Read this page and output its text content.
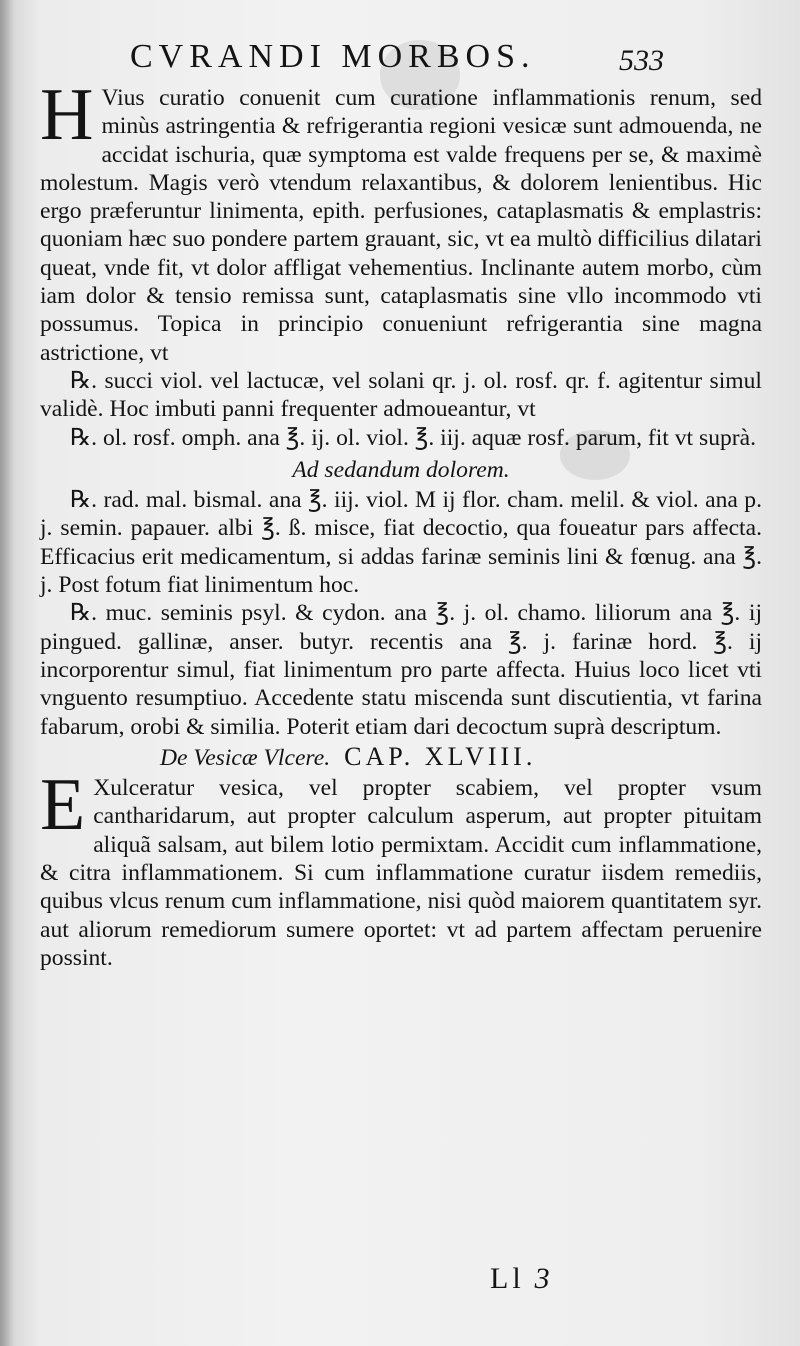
CVRANDI MORBOS.	533

H Vius curatio conuenit cum curatione inflammationis renum, sed minùs astringentia & refrigerantia regioni vesicæ sunt admouenda, ne accidat ischuria, quæ symptoma est valde frequens per se, & maximè molestum. Magis verò vtendum relaxantibus, & dolorem lenientibus. Hic ergo præferuntur linimenta, epith. perfusiones, cataplasmatis & emplastris: quoniam hæc suo pondere partem grauant, sic, vt ea multò difficilius dilatari queat, vnde fit, vt dolor affligat vehementius. Inclinante autem morbo, cùm iam dolor & tensio remissa sunt, cataplasmatis sine vllo incommodo vti possumus. Topica in principio conueniunt refrigerantia sine magna astrictione, vt

℞. succi viol. vel lactucæ, vel solani qr. j. ol. rosf. qr. f. agitentur simul validè. Hoc imbuti panni frequenter admoueantur, vt

℞. ol. rosf. omph. ana ℥. ij. ol. viol. ℥. iij. aquæ rosf. parum, fit vt suprà.

Ad sedandum dolorem.

℞. rad. mal. bismal. ana ℥. iij. viol. M ij flor. cham. melil. & viol. ana p. j. semin. papauer. albi ℥. ß. misce, fiat decoctio, qua foueatur pars affecta. Efficacius erit medicamentum, si addas farinæ seminis lini & fœnug. ana ℥. j. Post fotum fiat linimentum hoc.

℞. muc. seminis psyl. & cydon. ana ℥. j. ol. chamo. liliorum ana ℥. ij pingued. gallinæ, anser. butyr. recentis ana ℥. j. farinæ hord. ℥. ij incorporentur simul, fiat linimentum pro parte affecta. Huius loco licet vti vnguento resumptiuo. Accedente statu miscenda sunt discutientia, vt farina fabarum, orobi & similia. Poterit etiam dari decoctum suprà descriptum.

De Vesicæ Vlcere. CAP. XLVIII.

E Xulceratur vesica, vel propter scabiem, vel propter vsum cantharidarum, aut propter calculum asperum, aut propter pituitam aliquã salsam, aut bilem lotio permixtam. Accidit cum inflammatione, & citra inflammationem. Si cum inflammatione curatur iisdem remediis, quibus vlcus renum cum inflammatione, nisi quòd maiorem quantitatem syr. aut aliorum remediorum sumere oportet: vt ad partem affectam peruenire possint.

Ll 3
